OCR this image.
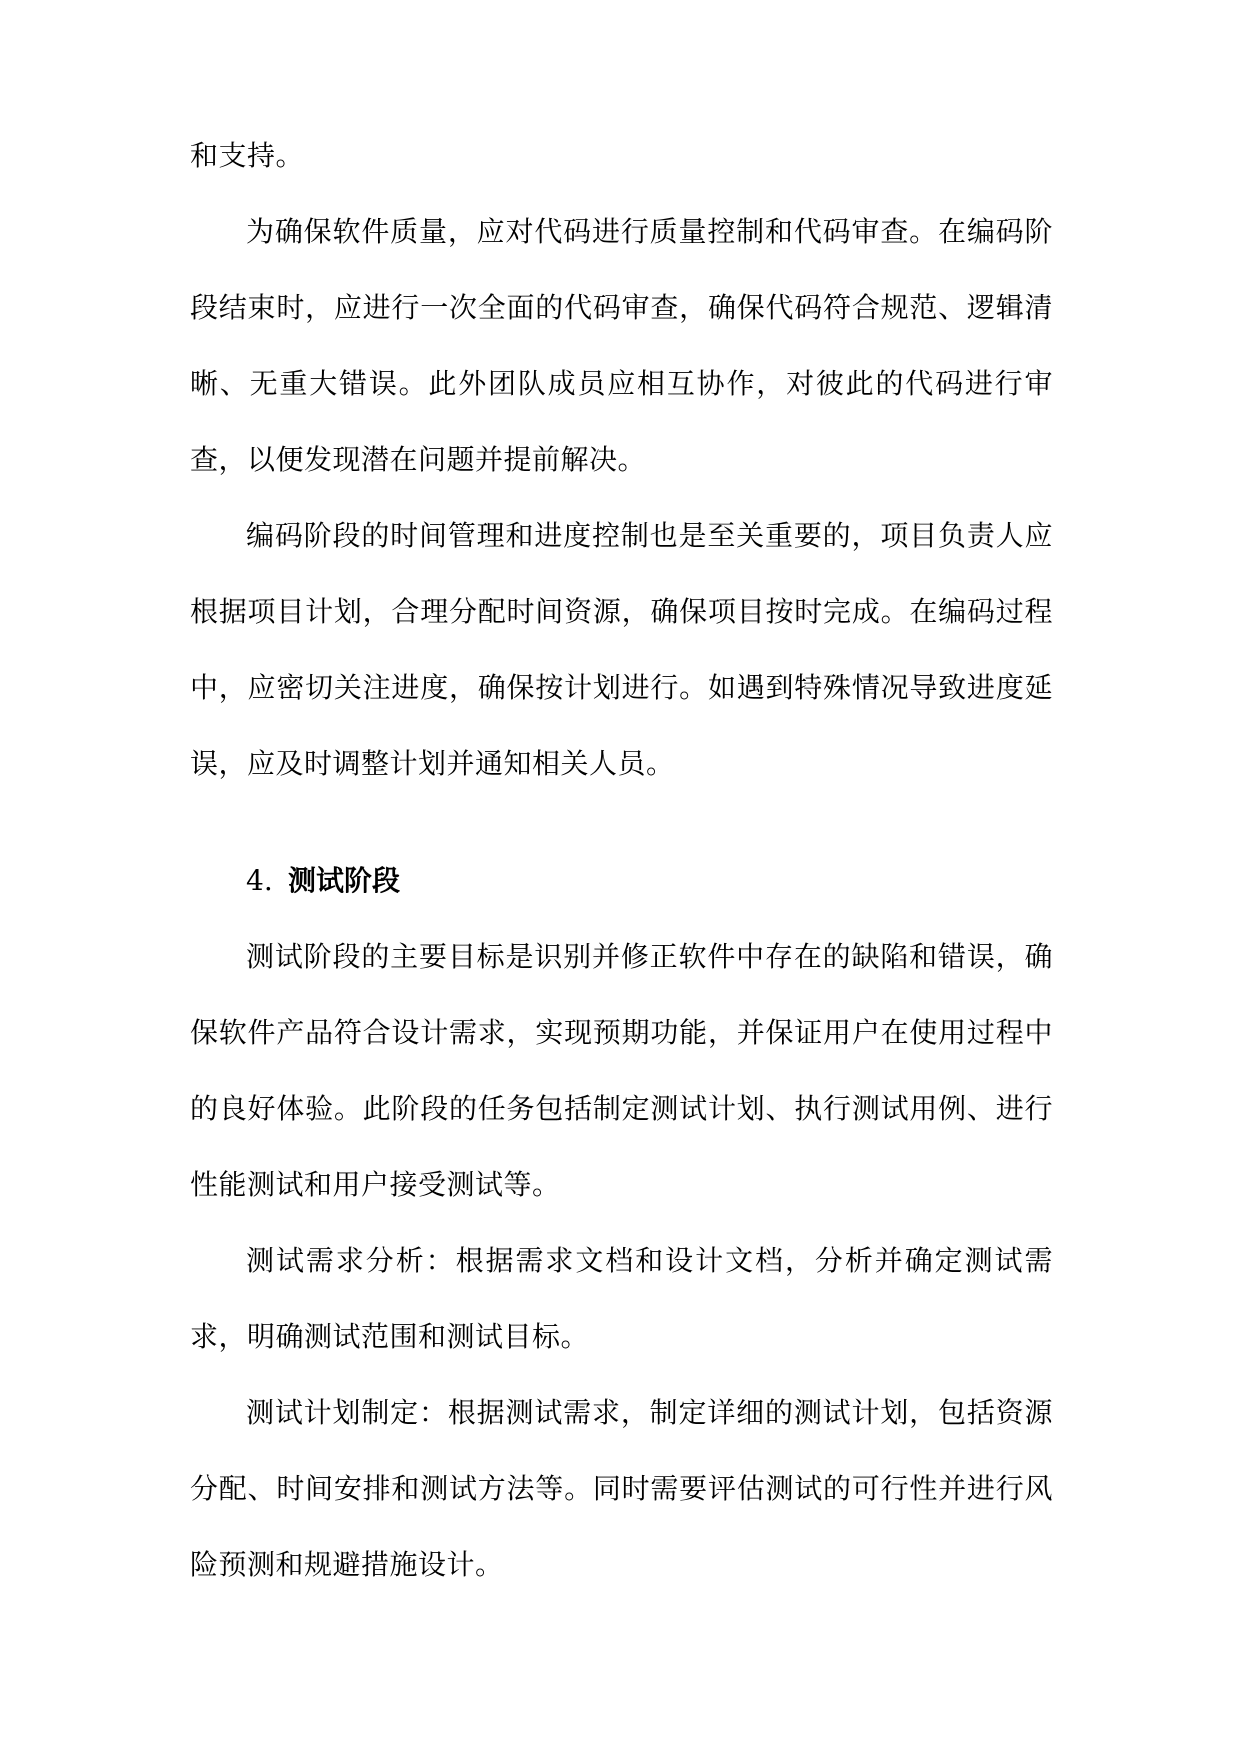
和支持。

为确保软件质量，应对代码进行质量控制和代码审查。在编码阶段结束时，应进行一次全面的代码审查，确保代码符合规范、逻辑清晰、无重大错误。此外团队成员应相互协作，对彼此的代码进行审查，以便发现潜在问题并提前解决。

编码阶段的时间管理和进度控制也是至关重要的，项目负责人应根据项目计划，合理分配时间资源，确保项目按时完成。在编码过程中，应密切关注进度，确保按计划进行。如遇到特殊情况导致进度延误，应及时调整计划并通知相关人员。

4. 测试阶段

测试阶段的主要目标是识别并修正软件中存在的缺陷和错误，确保软件产品符合设计需求，实现预期功能，并保证用户在使用过程中的良好体验。此阶段的任务包括制定测试计划、执行测试用例、进行性能测试和用户接受测试等。

测试需求分析：根据需求文档和设计文档，分析并确定测试需求，明确测试范围和测试目标。

测试计划制定：根据测试需求，制定详细的测试计划，包括资源分配、时间安排和测试方法等。同时需要评估测试的可行性并进行风险预测和规避措施设计。
